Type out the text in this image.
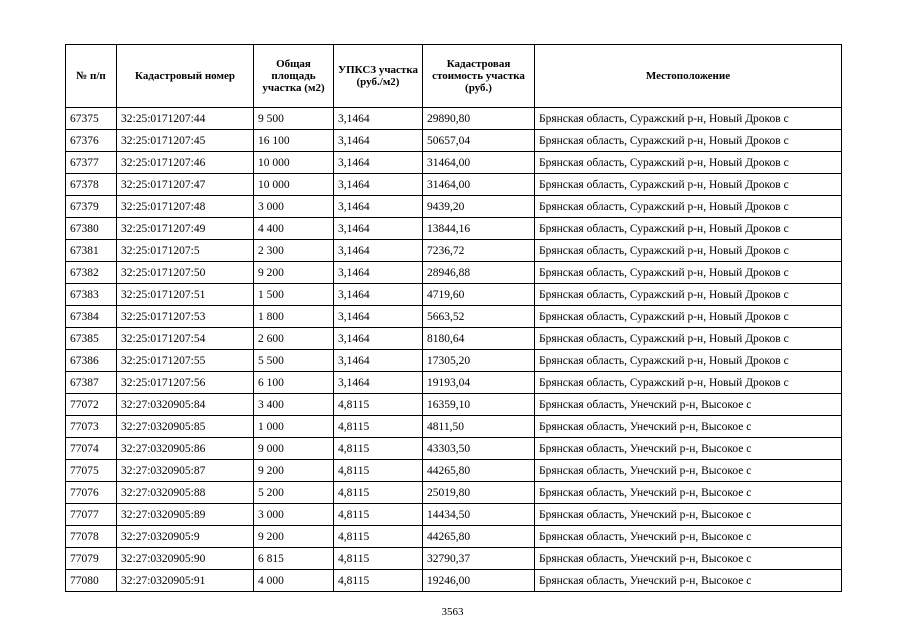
№ п/п	Кадастровый номер	Общая площадь участка (м2)	УПКСЗ участка (руб./м2)	Кадастровая стоимость участка (руб.)	Местоположение
67375	32:25:0171207:44	9 500	3,1464	29890,80	Брянская область, Суражский р-н, Новый Дроков с
67376	32:25:0171207:45	16 100	3,1464	50657,04	Брянская область, Суражский р-н, Новый Дроков с
67377	32:25:0171207:46	10 000	3,1464	31464,00	Брянская область, Суражский р-н, Новый Дроков с
67378	32:25:0171207:47	10 000	3,1464	31464,00	Брянская область, Суражский р-н, Новый Дроков с
67379	32:25:0171207:48	3 000	3,1464	9439,20	Брянская область, Суражский р-н, Новый Дроков с
67380	32:25:0171207:49	4 400	3,1464	13844,16	Брянская область, Суражский р-н, Новый Дроков с
67381	32:25:0171207:5	2 300	3,1464	7236,72	Брянская область, Суражский р-н, Новый Дроков с
67382	32:25:0171207:50	9 200	3,1464	28946,88	Брянская область, Суражский р-н, Новый Дроков с
67383	32:25:0171207:51	1 500	3,1464	4719,60	Брянская область, Суражский р-н, Новый Дроков с
67384	32:25:0171207:53	1 800	3,1464	5663,52	Брянская область, Суражский р-н, Новый Дроков с
67385	32:25:0171207:54	2 600	3,1464	8180,64	Брянская область, Суражский р-н, Новый Дроков с
67386	32:25:0171207:55	5 500	3,1464	17305,20	Брянская область, Суражский р-н, Новый Дроков с
67387	32:25:0171207:56	6 100	3,1464	19193,04	Брянская область, Суражский р-н, Новый Дроков с
77072	32:27:0320905:84	3 400	4,8115	16359,10	Брянская область, Унечский р-н, Высокое с
77073	32:27:0320905:85	1 000	4,8115	4811,50	Брянская область, Унечский р-н, Высокое с
77074	32:27:0320905:86	9 000	4,8115	43303,50	Брянская область, Унечский р-н, Высокое с
77075	32:27:0320905:87	9 200	4,8115	44265,80	Брянская область, Унечский р-н, Высокое с
77076	32:27:0320905:88	5 200	4,8115	25019,80	Брянская область, Унечский р-н, Высокое с
77077	32:27:0320905:89	3 000	4,8115	14434,50	Брянская область, Унечский р-н, Высокое с
77078	32:27:0320905:9	9 200	4,8115	44265,80	Брянская область, Унечский р-н, Высокое с
77079	32:27:0320905:90	6 815	4,8115	32790,37	Брянская область, Унечский р-н, Высокое с
77080	32:27:0320905:91	4 000	4,8115	19246,00	Брянская область, Унечский р-н, Высокое с
3563
